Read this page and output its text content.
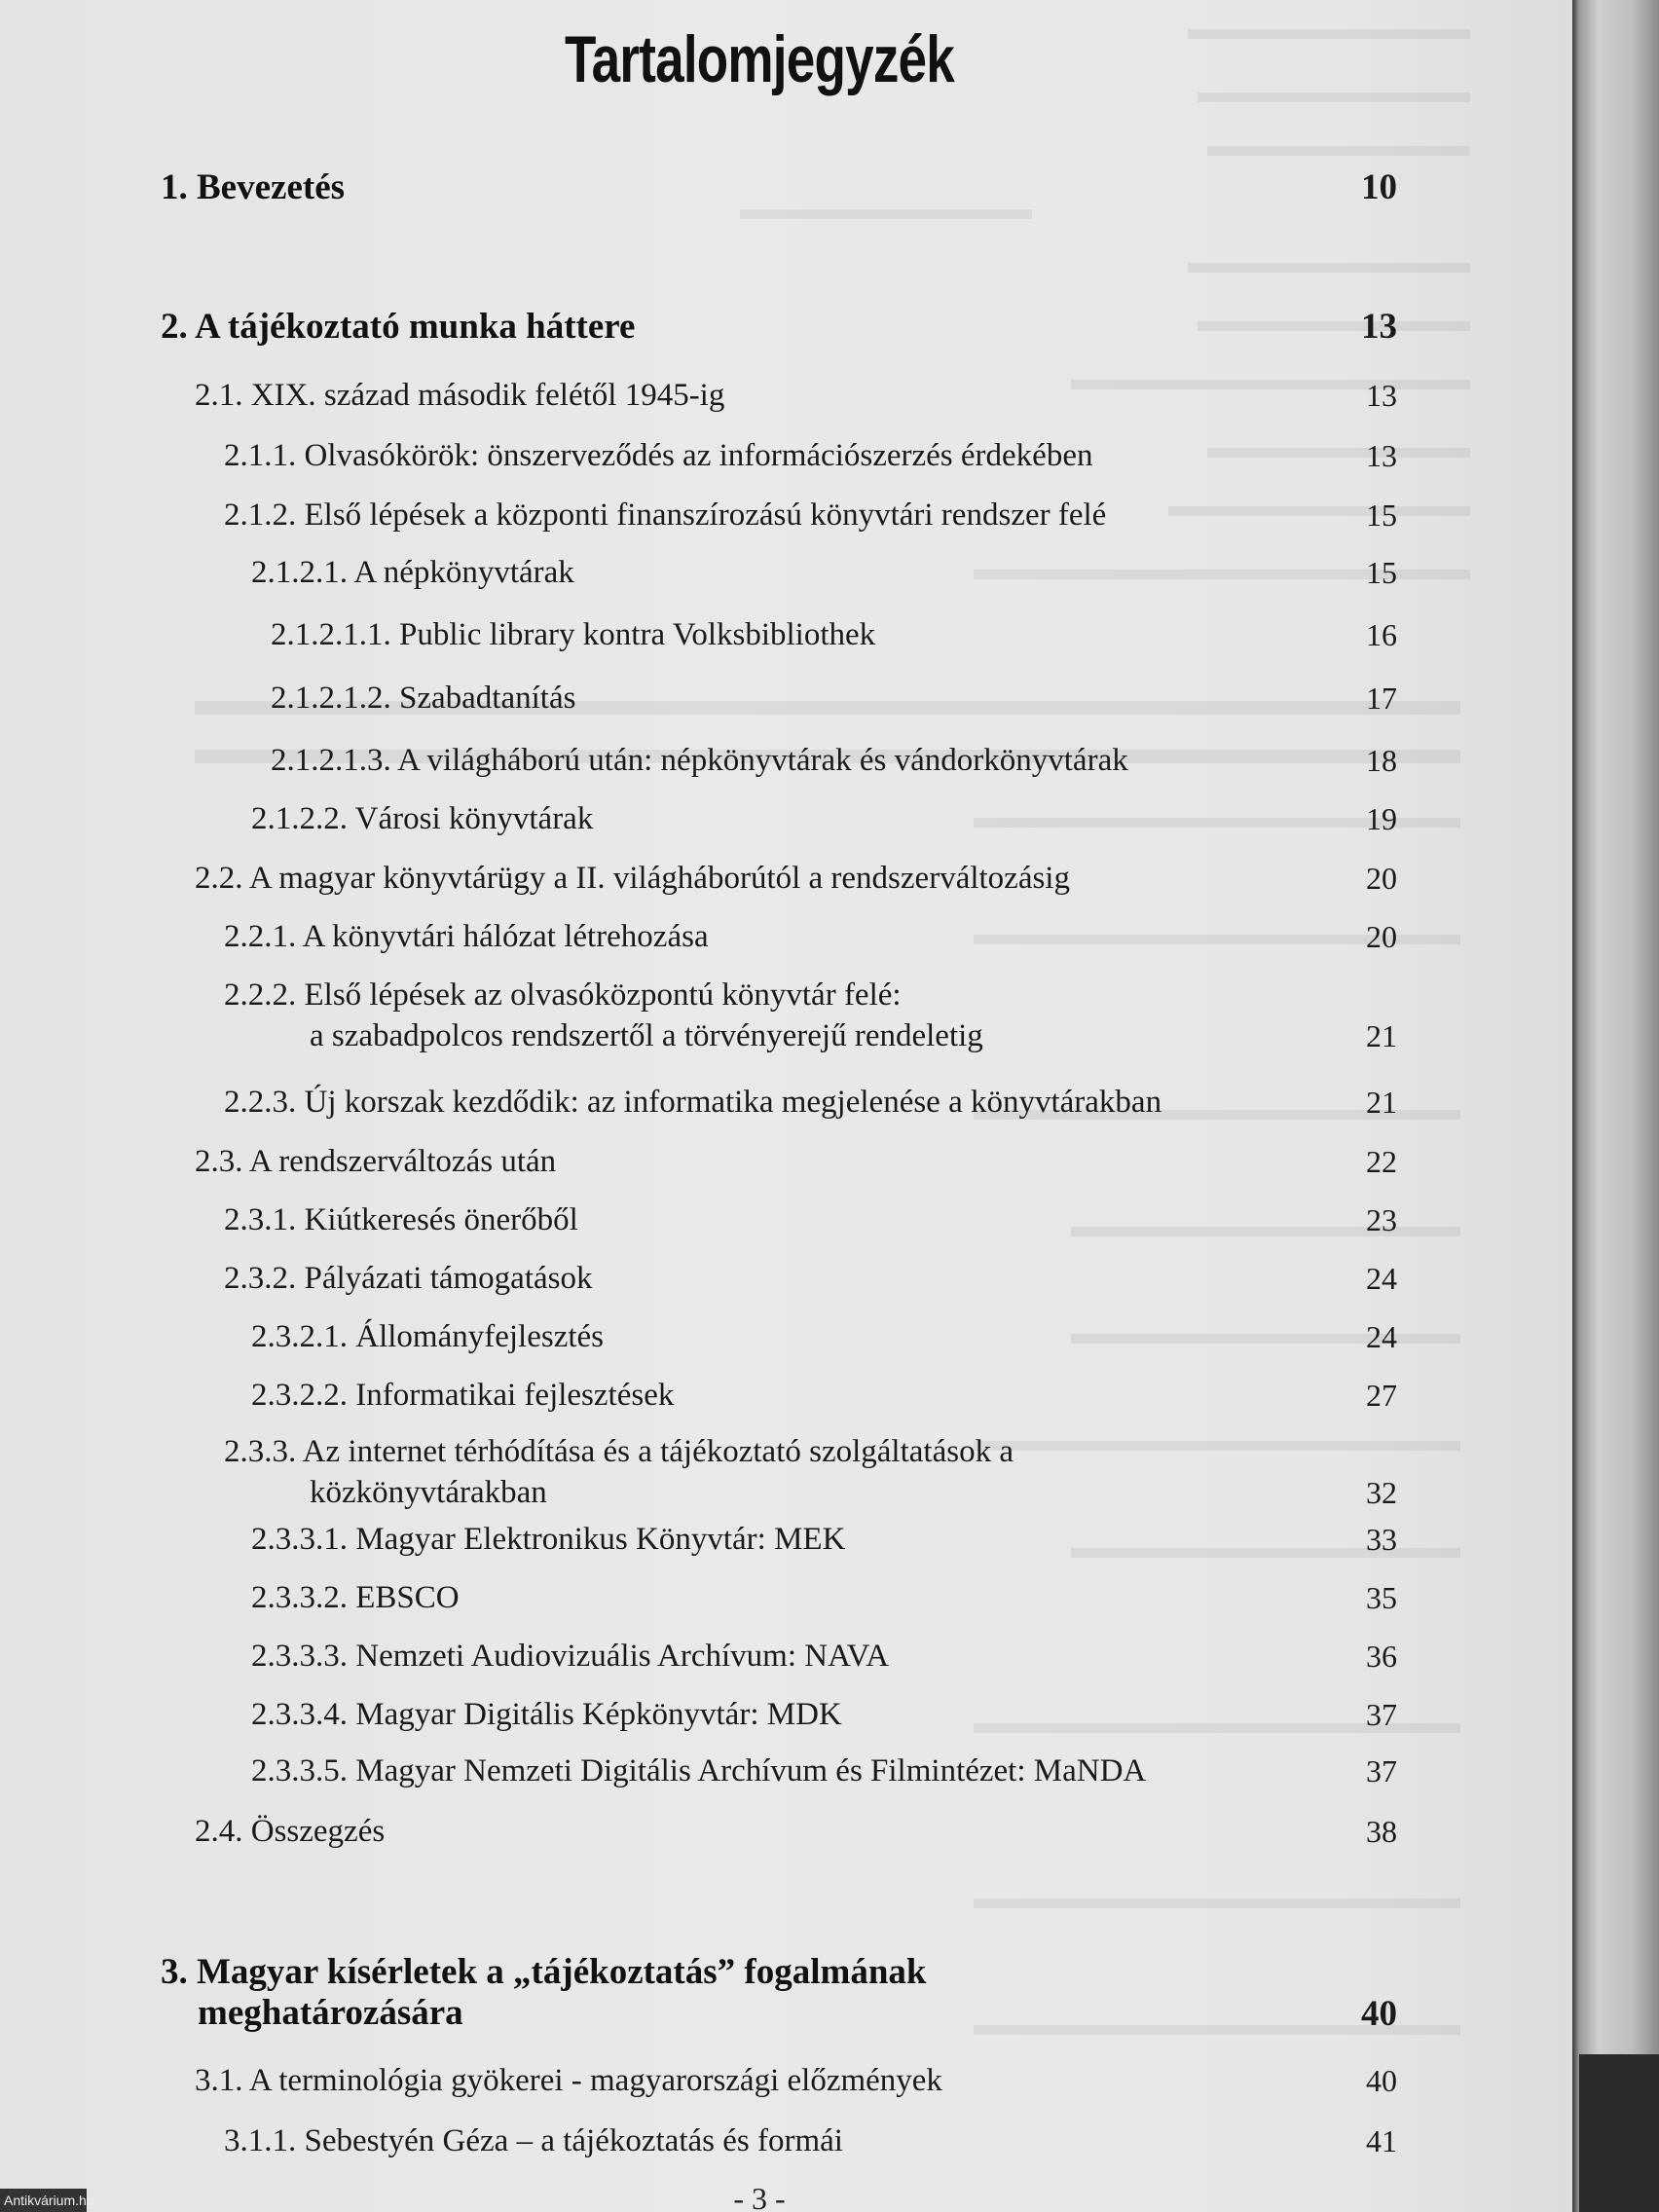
Tartalomjegyzék
1. Bevezetés	10
2. A tájékoztató munka háttere	13
2.1. XIX. század második felétől 1945-ig	13
2.1.1. Olvasókörök: önszerveződés az információszerzés érdekében	13
2.1.2. Első lépések a központi finanszírozású könyvtári rendszer felé	15
2.1.2.1. A népkönyvtárak	15
2.1.2.1.1. Public library kontra Volksbibliothek	16
2.1.2.1.2. Szabadtanítás	17
2.1.2.1.3. A világháború után: népkönyvtárak és vándorkönyvtárak	18
2.1.2.2. Városi könyvtárak	19
2.2. A magyar könyvtárügy a II. világháborútól a rendszerváltozásig	20
2.2.1. A könyvtári hálózat létrehozása	20
2.2.2. Első lépések az olvasóközpontú könyvtár felé:
a szabadpolcos rendszertől a törvényerejű rendeletig	21
2.2.3. Új korszak kezdődik: az informatika megjelenése a könyvtárakban	21
2.3. A rendszerváltozás után	22
2.3.1. Kiútkeresés önerőből	23
2.3.2. Pályázati támogatások	24
2.3.2.1. Állományfejlesztés	24
2.3.2.2. Informatikai fejlesztések	27
2.3.3. Az internet térhódítása és a tájékoztató szolgáltatások a
közkönyvtárakban	32
2.3.3.1. Magyar Elektronikus Könyvtár: MEK	33
2.3.3.2. EBSCO	35
2.3.3.3. Nemzeti Audiovizuális Archívum: NAVA	36
2.3.3.4. Magyar Digitális Képkönyvtár: MDK	37
2.3.3.5. Magyar Nemzeti Digitális Archívum és Filmintézet: MaNDA	37
2.4. Összegzés	38
3. Magyar kísérletek a „tájékoztatás” fogalmának
meghatározására	40
3.1. A terminológia gyökerei - magyarországi előzmények	40
3.1.1. Sebestyén Géza – a tájékoztatás és formái	41
- 3 -
Antikvárium.hu
